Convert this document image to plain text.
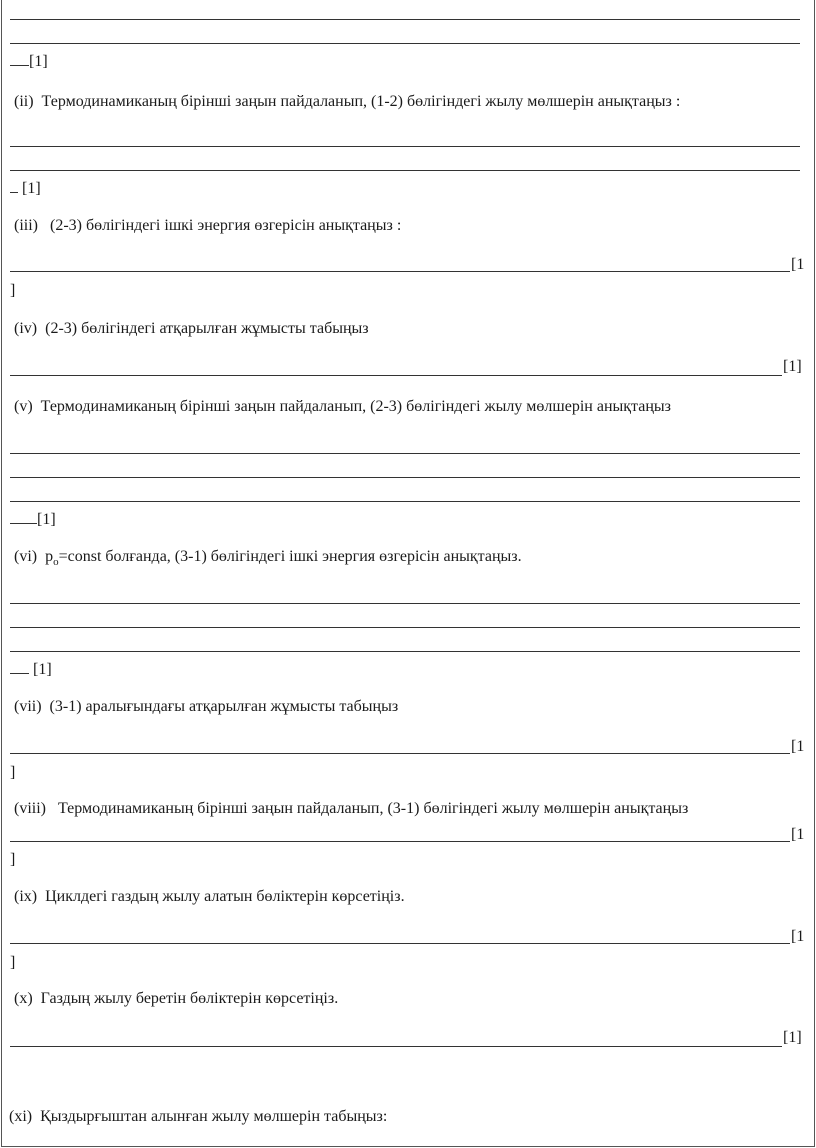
[1]
(ii) Термодинамиканың бірінші заңын пайдаланып, (1-2) бөлігіндегі жылу мөлшерін анықтаңыз :
[1]
(iii) (2-3) бөлігіндегі ішкі энергия өзгерісін анықтаңыз :
[1
]
(iv) (2-3) бөлігіндегі атқарылған жұмысты табыңыз
[1]
(v) Термодинамиканың бірінші заңын пайдаланып, (2-3) бөлігіндегі жылу мөлшерін анықтаңыз
[1]
(vi) $p_o=const$ болғанда, (3-1) бөлігіндегі ішкі энергия өзгерісін анықтаңыз.
[1]
(vii) (3-1) аралығындағы атқарылған жұмысты табыңыз
[1
]
(viii) Термодинамиканың бірінші заңын пайдаланып, (3-1) бөлігіндегі жылу мөлшерін анықтаңыз
[1
]
(ix) Циклдегі газдың жылу алатын бөліктерін көрсетіңіз.
[1
]
(x) Газдың жылу беретін бөліктерін көрсетіңіз.
[1]
(xi) Қыздырғыштан алынған жылу мөлшерін табыңыз:
